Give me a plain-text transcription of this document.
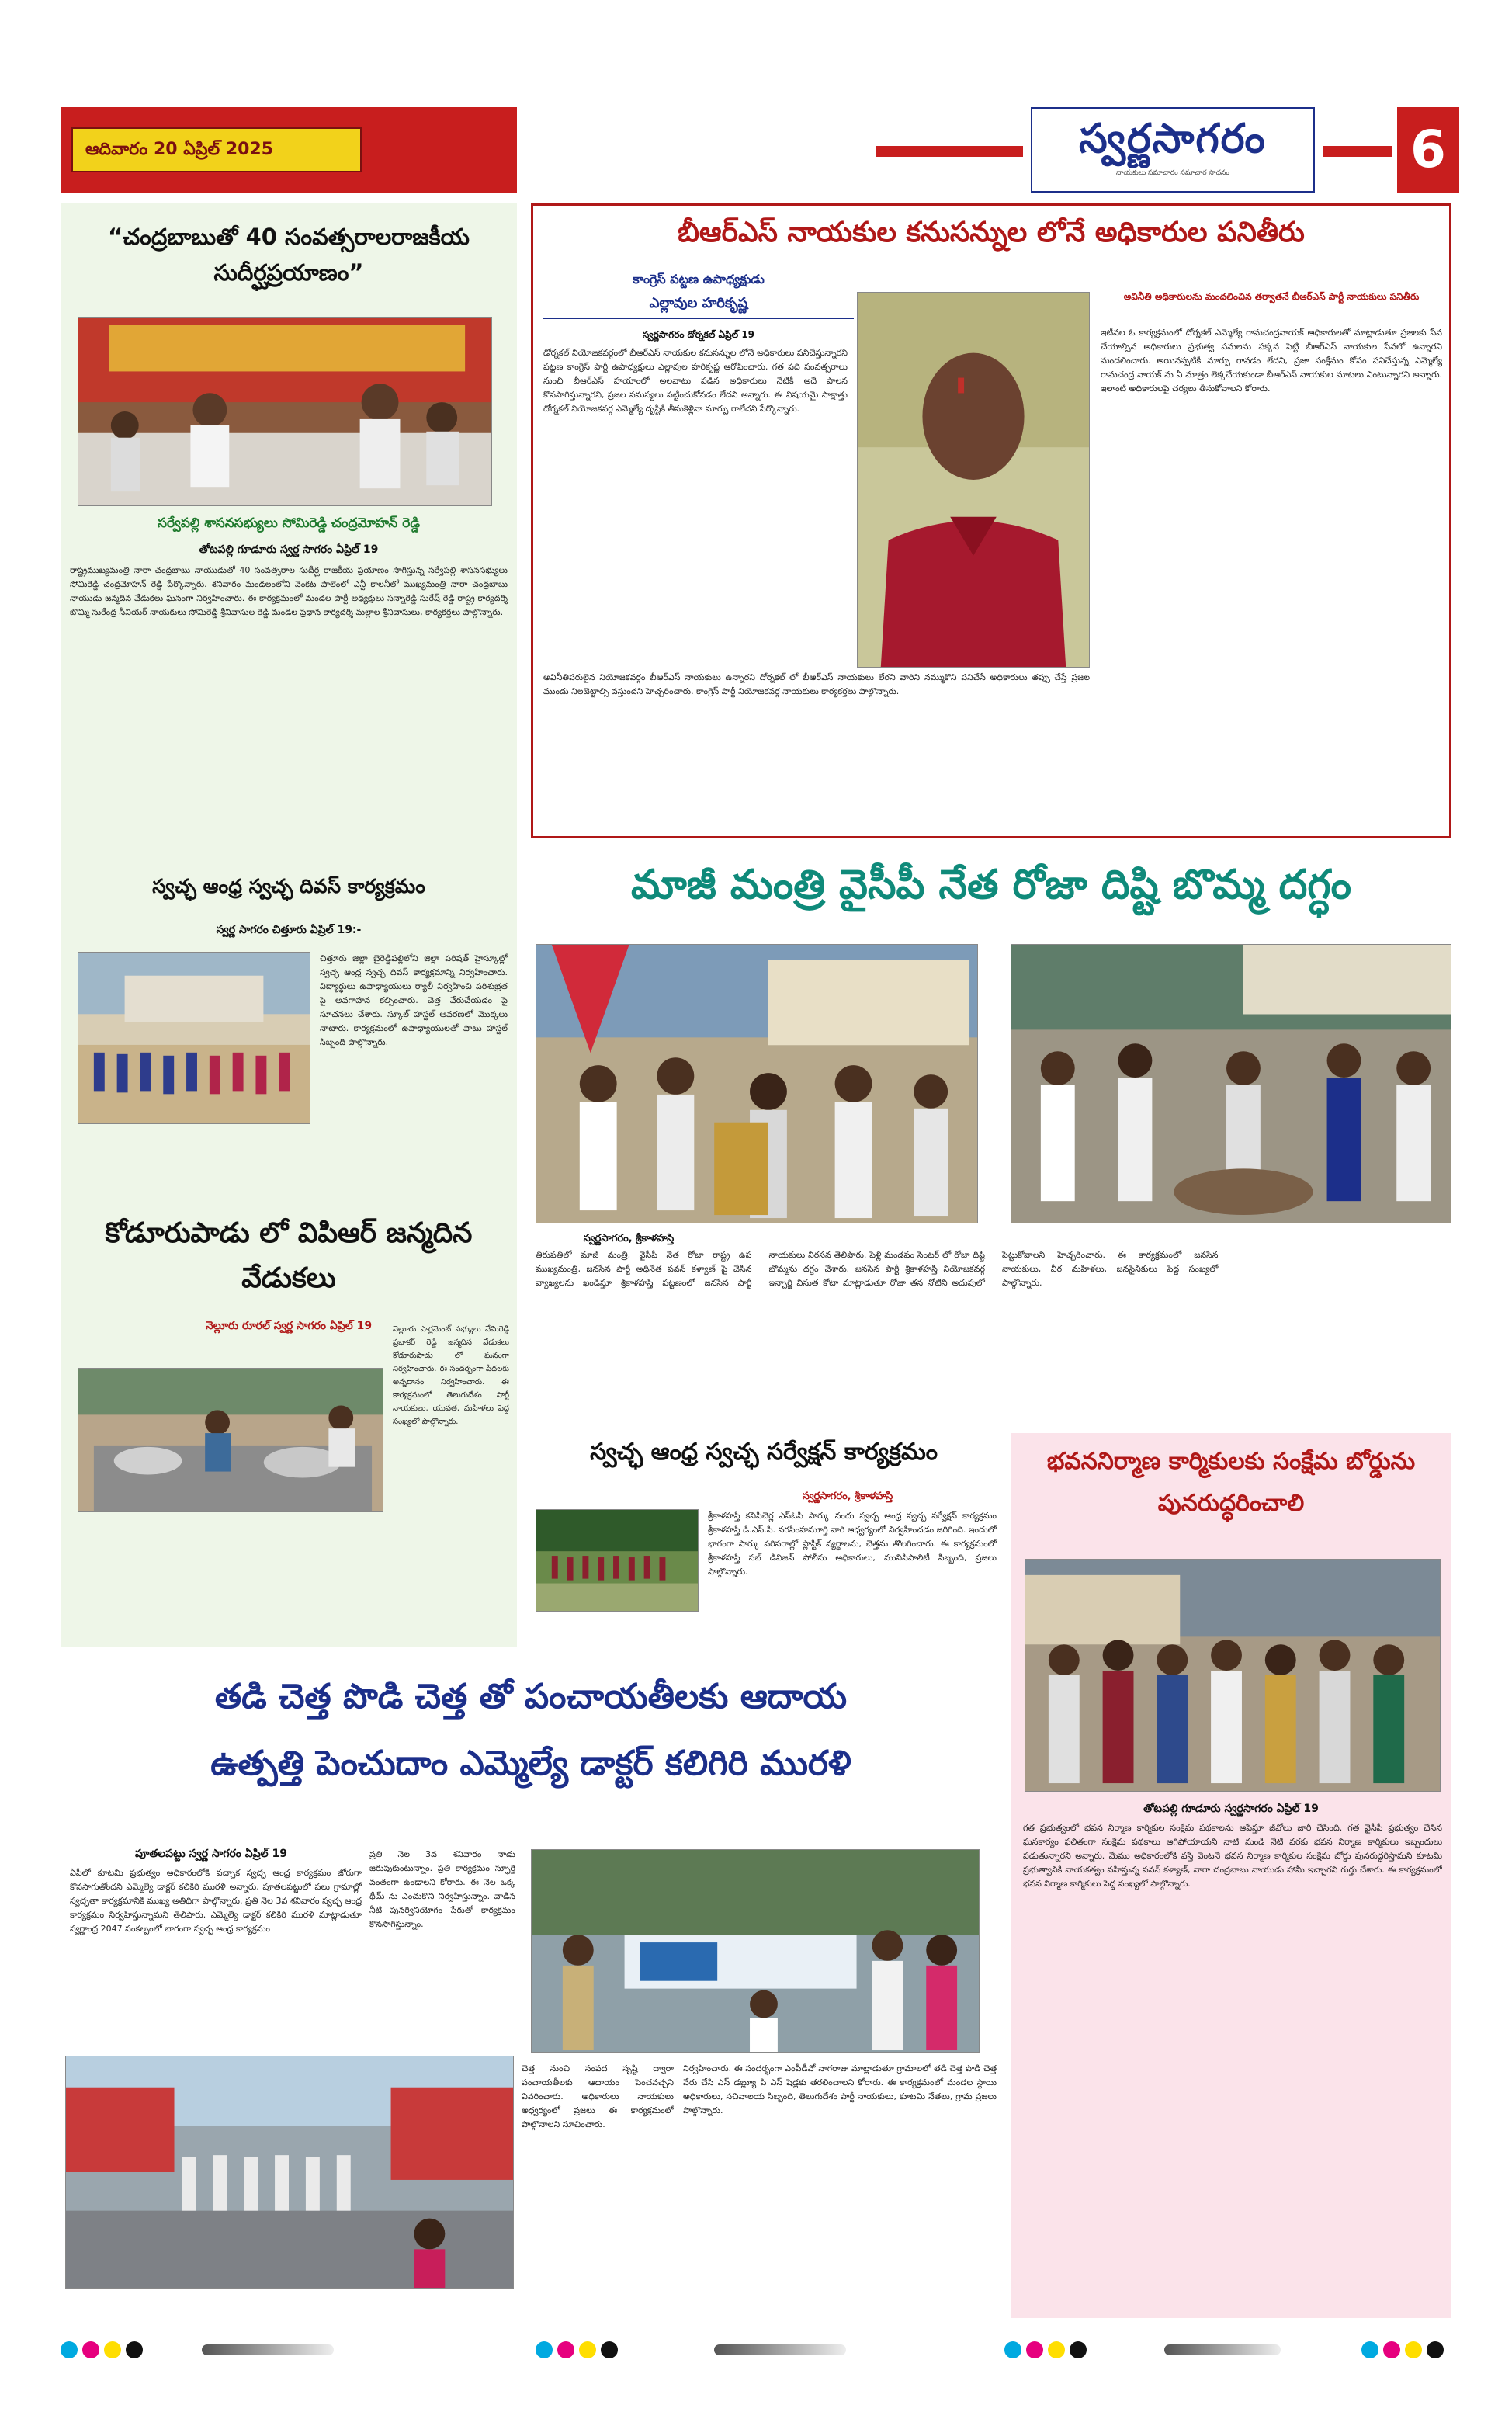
ఆదివారం 20 ఏప్రిల్ 2025	స్వర్ణసాగరం
నాయకులు సమాచారం సమాచార సాధనం	6
“చంద్రబాబుతో 40 సంవత్సరాలరాజకీయ సుదీర్ఘప్రయాణం”
సర్వేపల్లి శాసనసభ్యులు సోమిరెడ్డి చంద్రమోహన్ రెడ్డి
తోటపల్లి గూడూరు స్వర్ణ సాగరం ఏప్రిల్ 19
రాష్ట్రముఖ్యమంత్రి నారా చంద్రబాబు నాయుడుతో 40 సంవత్సరాల సుదీర్ఘ రాజకీయ ప్రయాణం సాగిస్తున్న సర్వేపల్లి శాసనసభ్యులు సోమిరెడ్డి చంద్రమోహన్ రెడ్డి పేర్కొన్నారు. శనివారం మండలంలోని వెంకట పాలెంలో ఎన్టీ కాలనీలో ముఖ్యమంత్రి నారా చంద్రబాబు నాయుడు జన్మదిన వేడుకలు ఘనంగా నిర్వహించారు. ఈ కార్యక్రమంలో మండల పార్టీ అధ్యక్షులు సన్నారెడ్డి సురేష్ రెడ్డి రాష్ట్ర కార్యదర్శి బొమ్మి సురేంద్ర సీనియర్ నాయకులు సోమిరెడ్డి శ్రీనివాసుల రెడ్డి మండల ప్రధాన కార్యదర్శి మల్లాల శ్రీనివాసులు, కార్యకర్తలు పాల్గొన్నారు.
స్వచ్ఛ ఆంధ్ర స్వచ్ఛ దివస్ కార్యక్రమం
స్వర్ణ సాగరం చిత్తూరు ఏప్రిల్ 19:-
చిత్తూరు జిల్లా బైరెడ్డిపల్లిలోని జిల్లా పరిషత్ హైస్కూల్లో స్వచ్ఛ ఆంధ్ర స్వచ్ఛ దివస్ కార్యక్రమాన్ని నిర్వహించారు. విద్యార్థులు ఉపాధ్యాయులు ర్యాలీ నిర్వహించి పరిశుభ్రత పై అవగాహన కల్పించారు. చెత్త వేరుచేయడం పై సూచనలు చేశారు. స్కూల్ హాస్టల్ ఆవరణలో మొక్కలు నాటారు. కార్యక్రమంలో ఉపాధ్యాయులతో పాటు హాస్టల్ సిబ్బంది పాల్గొన్నారు.
కోడూరుపాడు లో విపిఆర్ జన్మదిన వేడుకలు
నెల్లూరు రూరల్ స్వర్ణ సాగరం ఏప్రిల్ 19	నెల్లూరు పార్లమెంట్ సభ్యులు వేమిరెడ్డి ప్రభాకర్ రెడ్డి జన్మదిన వేడుకలు కోడూరుపాడు లో ఘనంగా నిర్వహించారు. ఈ సందర్భంగా పేదలకు అన్నదానం నిర్వహించారు. ఈ కార్యక్రమంలో తెలుగుదేశం పార్టీ నాయకులు, యువత, మహిళలు పెద్ద సంఖ్యలో పాల్గొన్నారు.
బీఆర్ఎస్ నాయకుల కనుసన్నుల లోనే అధికారుల పనితీరు
కాంగ్రెస్ పట్టణ ఉపాధ్యక్షుడు
ఎల్లావుల హరికృష్ణ
స్వర్ణసాగరం దోర్నకల్ ఏప్రిల్ 19
డోర్నకల్ నియోజకవర్గంలో బీఆర్ఎస్ నాయకుల కనుసన్నుల లోనే అధికారులు పనిచేస్తున్నారని పట్టణ కాంగ్రెస్ పార్టీ ఉపాధ్యక్షులు ఎల్లావుల హరికృష్ణ ఆరోపించారు. గత పది సంవత్సరాలు నుంచి బీఆర్ఎస్ హయాంలో అలవాటు పడిన అధికారులు నేటికీ అదే పాలన కొనసాగిస్తున్నారని, ప్రజల సమస్యలు పట్టించుకోవడం లేదని అన్నారు. ఈ విషయమై సాక్షాత్తు దోర్నకల్ నియోజకవర్గ ఎమ్మెల్యే దృష్టికి తీసుకెళ్లినా మార్పు రాలేదని పేర్కొన్నారు.
అవినీతి అధికారులను మందలించిన తర్వాతనే బీఆర్ఎస్ పార్టీ నాయకులు పనితీరు
ఇటీవల ఓ కార్యక్రమంలో దోర్నకల్ ఎమ్మెల్యే రామచంద్రనాయక్ అధికారులతో మాట్లాడుతూ ప్రజలకు సేవ చేయాల్సిన అధికారులు ప్రభుత్వ పనులను పక్కన పెట్టి బీఆర్ఎస్ నాయకుల సేవలో ఉన్నారని మందలించారు. అయినప్పటికీ మార్పు రావడం లేదని, ప్రజా సంక్షేమం కోసం పనిచేస్తున్న ఎమ్మెల్యే రామచంద్ర నాయక్ ను ఏ మాత్రం లెక్కచేయకుండా బీఆర్ఎస్ నాయకుల మాటలు వింటున్నారని అన్నారు. ఇలాంటి అధికారులపై చర్యలు తీసుకోవాలని కోరారు.
అవినీతిపరులైన నియోజకవర్గం బీఆర్ఎస్ నాయకులు ఉన్నారని దోర్నకల్ లో బీఆర్ఎస్ నాయకులు లేరని వారిని నమ్ముకొని పనిచేసే అధికారులు తప్పు చేస్తే ప్రజల ముందు నిలబెట్టాల్సి వస్తుందని హెచ్చరించారు. కాంగ్రెస్ పార్టీ నియోజకవర్గ నాయకులు కార్యకర్తలు పాల్గొన్నారు.
మాజీ మంత్రి వైసీపీ నేత రోజా దిష్టి బొమ్మ దగ్ధం
స్వర్ణసాగరం, శ్రీకాళహస్తి
తిరుపతిలో మాజీ మంత్రి, వైసీపీ నేత రోజా రాష్ట్ర ఉప ముఖ్యమంత్రి, జనసేన పార్టీ అధినేత పవన్ కళ్యాణ్ పై చేసిన వ్యాఖ్యలను ఖండిస్తూ శ్రీకాళహస్తి పట్టణంలో జనసేన పార్టీ నాయకులు నిరసన తెలిపారు. పెళ్లి మండపం సెంటర్ లో రోజా దిష్టి బొమ్మను దగ్ధం చేశారు. జనసేన పార్టీ శ్రీకాళహస్తి నియోజకవర్గ ఇన్చార్జి వినుత కోటా మాట్లాడుతూ రోజా తన నోటిని అదుపులో పెట్టుకోవాలని హెచ్చరించారు. ఈ కార్యక్రమంలో జనసేన నాయకులు, వీర మహిళలు, జనసైనికులు పెద్ద సంఖ్యలో పాల్గొన్నారు.
స్వచ్ఛ ఆంధ్ర స్వచ్ఛ సర్వేక్షన్ కార్యక్రమం
స్వర్ణసాగరం, శ్రీకాళహస్తి
శ్రీకాళహస్తి కనిపిచెర్ల ఎస్ఓసి పార్కు నందు స్వచ్ఛ ఆంధ్ర స్వచ్ఛ సర్వేక్షన్ కార్యక్రమం శ్రీకాళహస్తి డి.ఎస్.పి. నరసింహమూర్తి వారి ఆధ్వర్యంలో నిర్వహించడం జరిగింది. ఇందులో భాగంగా పార్కు పరిసరాల్లో ప్లాస్టిక్ వ్యర్థాలను, చెత్తను తొలగించారు. ఈ కార్యక్రమంలో శ్రీకాళహస్తి సబ్ డివిజన్ పోలీసు అధికారులు, మునిసిపాలిటీ సిబ్బంది, ప్రజలు పాల్గొన్నారు.
భవననిర్మాణ కార్మికులకు సంక్షేమ బోర్డును పునరుద్ధరించాలి
తోటపల్లి గూడూరు స్వర్ణసాగరం ఏప్రిల్ 19
గత ప్రభుత్వంలో భవన నిర్మాణ కార్మికుల సంక్షేమ పథకాలను ఆపేస్తూ జీవోలు జారీ చేసింది. గత వైసీపీ ప్రభుత్వం చేసిన ఘనకార్యం ఫలితంగా సంక్షేమ పథకాలు ఆగిపోయాయని నాటి నుండి నేటి వరకు భవన నిర్మాణ కార్మికులు ఇబ్బందులు పడుతున్నారని అన్నారు. మేము అధికారంలోకి వస్తే వెంటనే భవన నిర్మాణ కార్మికుల సంక్షేమ బోర్డు పునరుద్ధరిస్తామని కూటమి ప్రభుత్వానికి నాయకత్వం వహిస్తున్న పవన్ కళ్యాణ్, నారా చంద్రబాబు నాయుడు హామీ ఇచ్చారని గుర్తు చేశారు. ఈ కార్యక్రమంలో భవన నిర్మాణ కార్మికులు పెద్ద సంఖ్యలో పాల్గొన్నారు.
తడి చెత్త పొడి చెత్త తో పంచాయతీలకు ఆదాయ
ఉత్పత్తి పెంచుదాం ఎమ్మెల్యే డాక్టర్ కలిగిరి మురళి
పూతలపట్టు స్వర్ణ సాగరం ఏప్రిల్ 19
ఏపీలో కూటమి ప్రభుత్వం అధికారంలోకి వచ్చాక స్వచ్ఛ ఆంధ్ర కార్యక్రమం జోరుగా కొనసాగుతోందని ఎమ్మెల్యే డాక్టర్ కలికిరి మురళి అన్నారు. పూతలపట్టులో పలు గ్రామాల్లో స్వచ్ఛతా కార్యక్రమానికి ముఖ్య అతిథిగా పాల్గొన్నారు. ప్రతి నెల 3వ శనివారం స్వచ్ఛ ఆంధ్ర కార్యక్రమం నిర్వహిస్తున్నామని తెలిపారు. ఎమ్మెల్యే డాక్టర్ కలికిరి మురళి మాట్లాడుతూ స్వర్ణాంధ్ర 2047 సంకల్పంలో భాగంగా స్వచ్ఛ ఆంధ్ర కార్యక్రమం
ప్రతి నెల 3వ శనివారం నాడు జరుపుకుంటున్నాం. ప్రతి కార్యక్రమం స్ఫూర్తి వంతంగా ఉండాలని కోరారు. ఈ నెల ఒక్క థీమ్ ను ఎంచుకొని నిర్వహిస్తున్నాం. వాడిన నీటి పునర్వినియోగం పేరుతో కార్యక్రమం కొనసాగిస్తున్నాం.
చెత్త నుంచి సంపద సృష్టి ద్వారా పంచాయతీలకు ఆదాయం పెంచవచ్చని వివరించారు. అధికారులు నాయకులు అధ్వర్యంలో ప్రజలు ఈ కార్యక్రమంలో పాల్గొనాలని సూచించారు.
నిర్వహించారు. ఈ సందర్భంగా ఎంపీడీవో నాగరాజు మాట్లాడుతూ గ్రామాలలో తడి చెత్త పొడి చెత్త వేరు చేసి ఎస్ డబ్ల్యూ పి ఎస్ షెడ్లకు తరలించాలని కోరారు. ఈ కార్యక్రమంలో మండల స్థాయి అధికారులు, సచివాలయ సిబ్బంది, తెలుగుదేశం పార్టీ నాయకులు, కూటమి నేతలు, గ్రామ ప్రజలు పాల్గొన్నారు.
